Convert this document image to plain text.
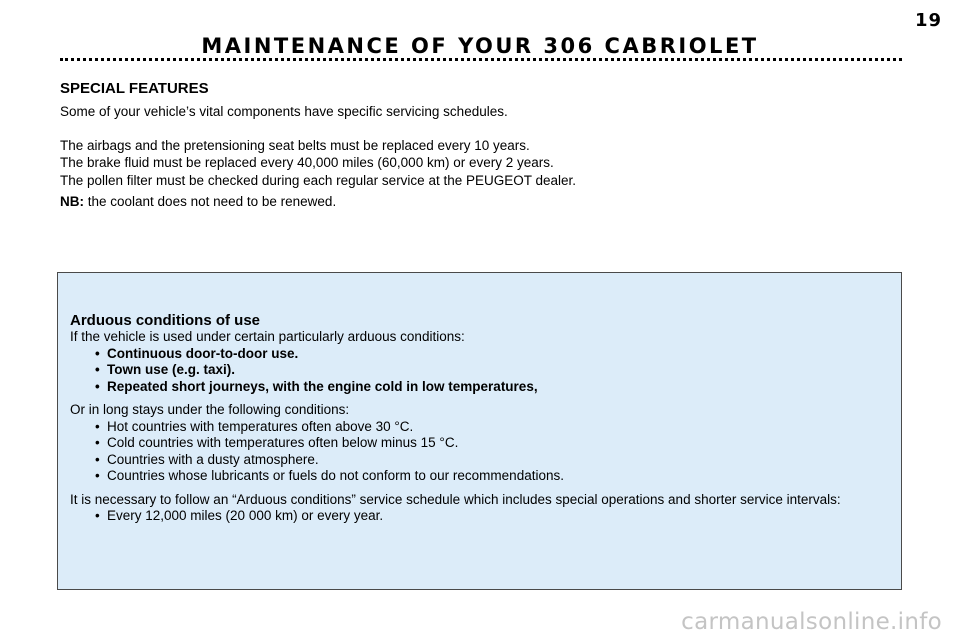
19
MAINTENANCE OF YOUR 306 CABRIOLET
SPECIAL FEATURES

Some of your vehicle’s vital components have specific servicing schedules.

The airbags and the pretensioning seat belts must be replaced every 10 years.

The brake fluid must be replaced every 40,000 miles (60,000 km) or every 2 years.

The pollen filter must be checked during each regular service at the PEUGEOT dealer.

NB: the coolant does not need to be renewed.

Arduous conditions of use

If the vehicle is used under certain particularly arduous conditions:

• Continuous door-to-door use.
• Town use (e.g. taxi).
• Repeated short journeys, with the engine cold in low temperatures,

Or in long stays under the following conditions:

• Hot countries with temperatures often above 30 °C.
• Cold countries with temperatures often below minus 15 °C.
• Countries with a dusty atmosphere.
• Countries whose lubricants or fuels do not conform to our recommendations.

It is necessary to follow an “Arduous conditions” service schedule which includes special operations and shorter service intervals:

• Every 12,000 miles (20 000 km) or every year.
carmanualsonline.info
